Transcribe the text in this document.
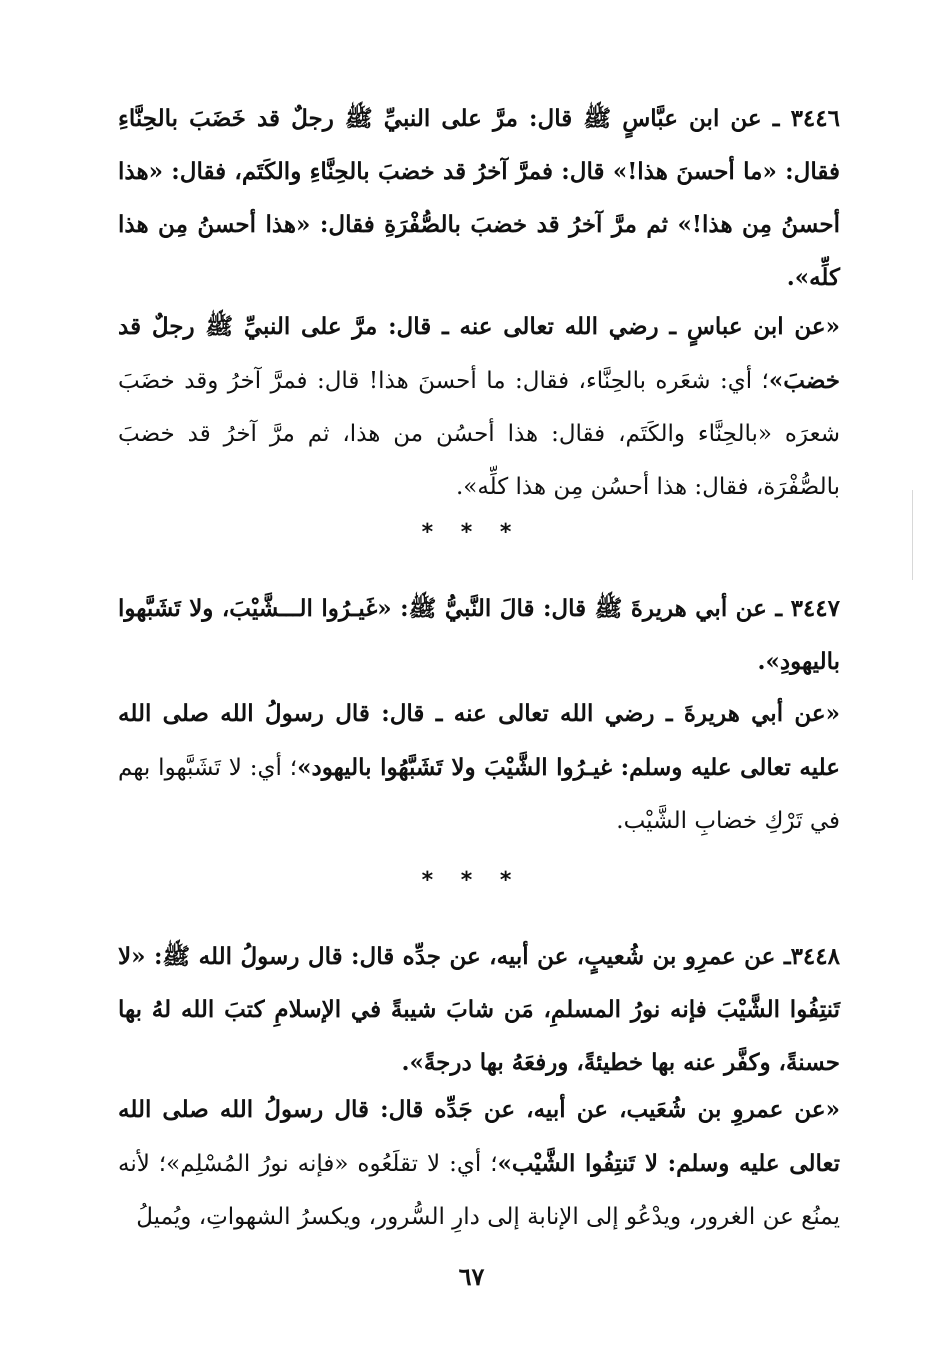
٣٤٤٦ ـ عن ابن عبَّاسٍ ﷺ قال: مرَّ على النبيِّ ﷺ رجلٌ قد خَضَبَ بالحِنَّاءِ فقال: «ما أحسنَ هذا!» قال: فمرَّ آخرُ قد خضبَ بالحِنَّاءِ والكَتَم، فقال: «هذا أحسنُ مِن هذا!» ثم مرَّ آخرُ قد خضبَ بالصُّفْرَةِ فقال: «هذا أحسنُ مِن هذا كلِّه».
«عن ابن عباسٍ ـ رضي الله تعالى عنه ـ قال: مرَّ على النبيِّ ﷺ رجلٌ قد خضبَ»؛ أي: شعَره بالحِنَّاء، فقال: ما أحسنَ هذا! قال: فمرَّ آخرُ وقد خضَبَ شعرَه «بالحِنَّاء والكَتَم، فقال: هذا أحسُن من هذا، ثم مرَّ آخرُ قد خضبَ بالصُّفْرَة، فقال: هذا أحسُن مِن هذا كلِّه».
* * *
٣٤٤٧ ـ عن أبي هريرةَ ﷺ قال: قالَ النَّبيُّ ﷺ: «غَيـرُوا الـــشَّيْبَ، ولا تَشَبَّهوا باليهودِ».
«عن أبي هريرةَ ـ رضي الله تعالى عنه ـ قال: قال رسولُ الله صلى الله عليه تعالى عليه وسلم: غيـرُوا الشَّيْبَ ولا تَشَبَّهُوا باليهود»؛ أي: لا تَشَبَّهوا بهم في تَرْكِ خضابِ الشَّيْب.
* * *
٣٤٤٨ـ عن عمرِو بن شُعيبٍ، عن أبيه، عن جدِّه قال: قال رسولُ الله ﷺ: «لا تَنتِفُوا الشَّيْبَ فإنه نورُ المسلمِ، مَن شابَ شيبةً في الإسلامِ كتبَ الله لهُ بها حسنةً، وكفَّر عنه بها خطيئةً، ورفعَهُ بها درجةً».
«عن عمروِ بن شُعَيب، عن أبيه، عن جَدِّه قال: قال رسولُ الله صلى الله تعالى عليه وسلم: لا تَنتِفُوا الشَّيْب»؛ أي: لا تقلَعُوه «فإنه نورُ المُسْلِم»؛ لأنه يمنُع عن الغرور، ويدْعُو إلى الإنابة إلى دارِ السُّرور، ويكسرُ الشهواتِ، ويُميلُ
٦٧
